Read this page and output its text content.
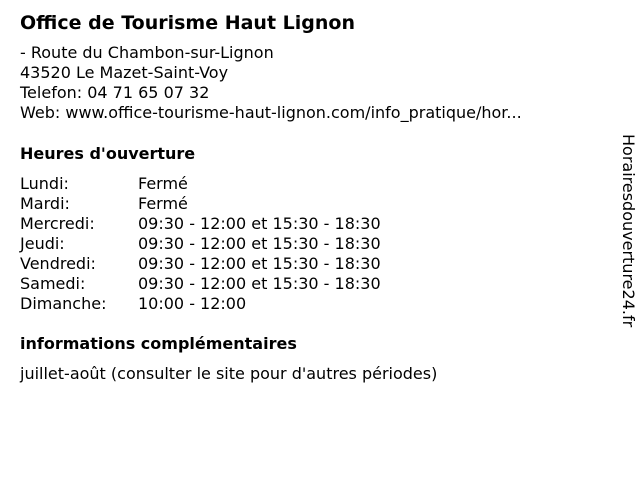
Office de Tourisme Haut Lignon
- Route du Chambon-sur-Lignon
43520 Le Mazet-Saint-Voy
Telefon: 04 71 65 07 32
Web: www.office-tourisme-haut-lignon.com/info_pratique/hor...
Heures d'ouverture
Lundi:	Fermé
Mardi:	Fermé
Mercredi:	09:30 - 12:00 et 15:30 - 18:30
Jeudi:	09:30 - 12:00 et 15:30 - 18:30
Vendredi:	09:30 - 12:00 et 15:30 - 18:30
Samedi:	09:30 - 12:00 et 15:30 - 18:30
Dimanche:	10:00 - 12:00
informations complémentaires
juillet-août (consulter le site pour d'autres périodes)
Horairesdouverture24.fr
